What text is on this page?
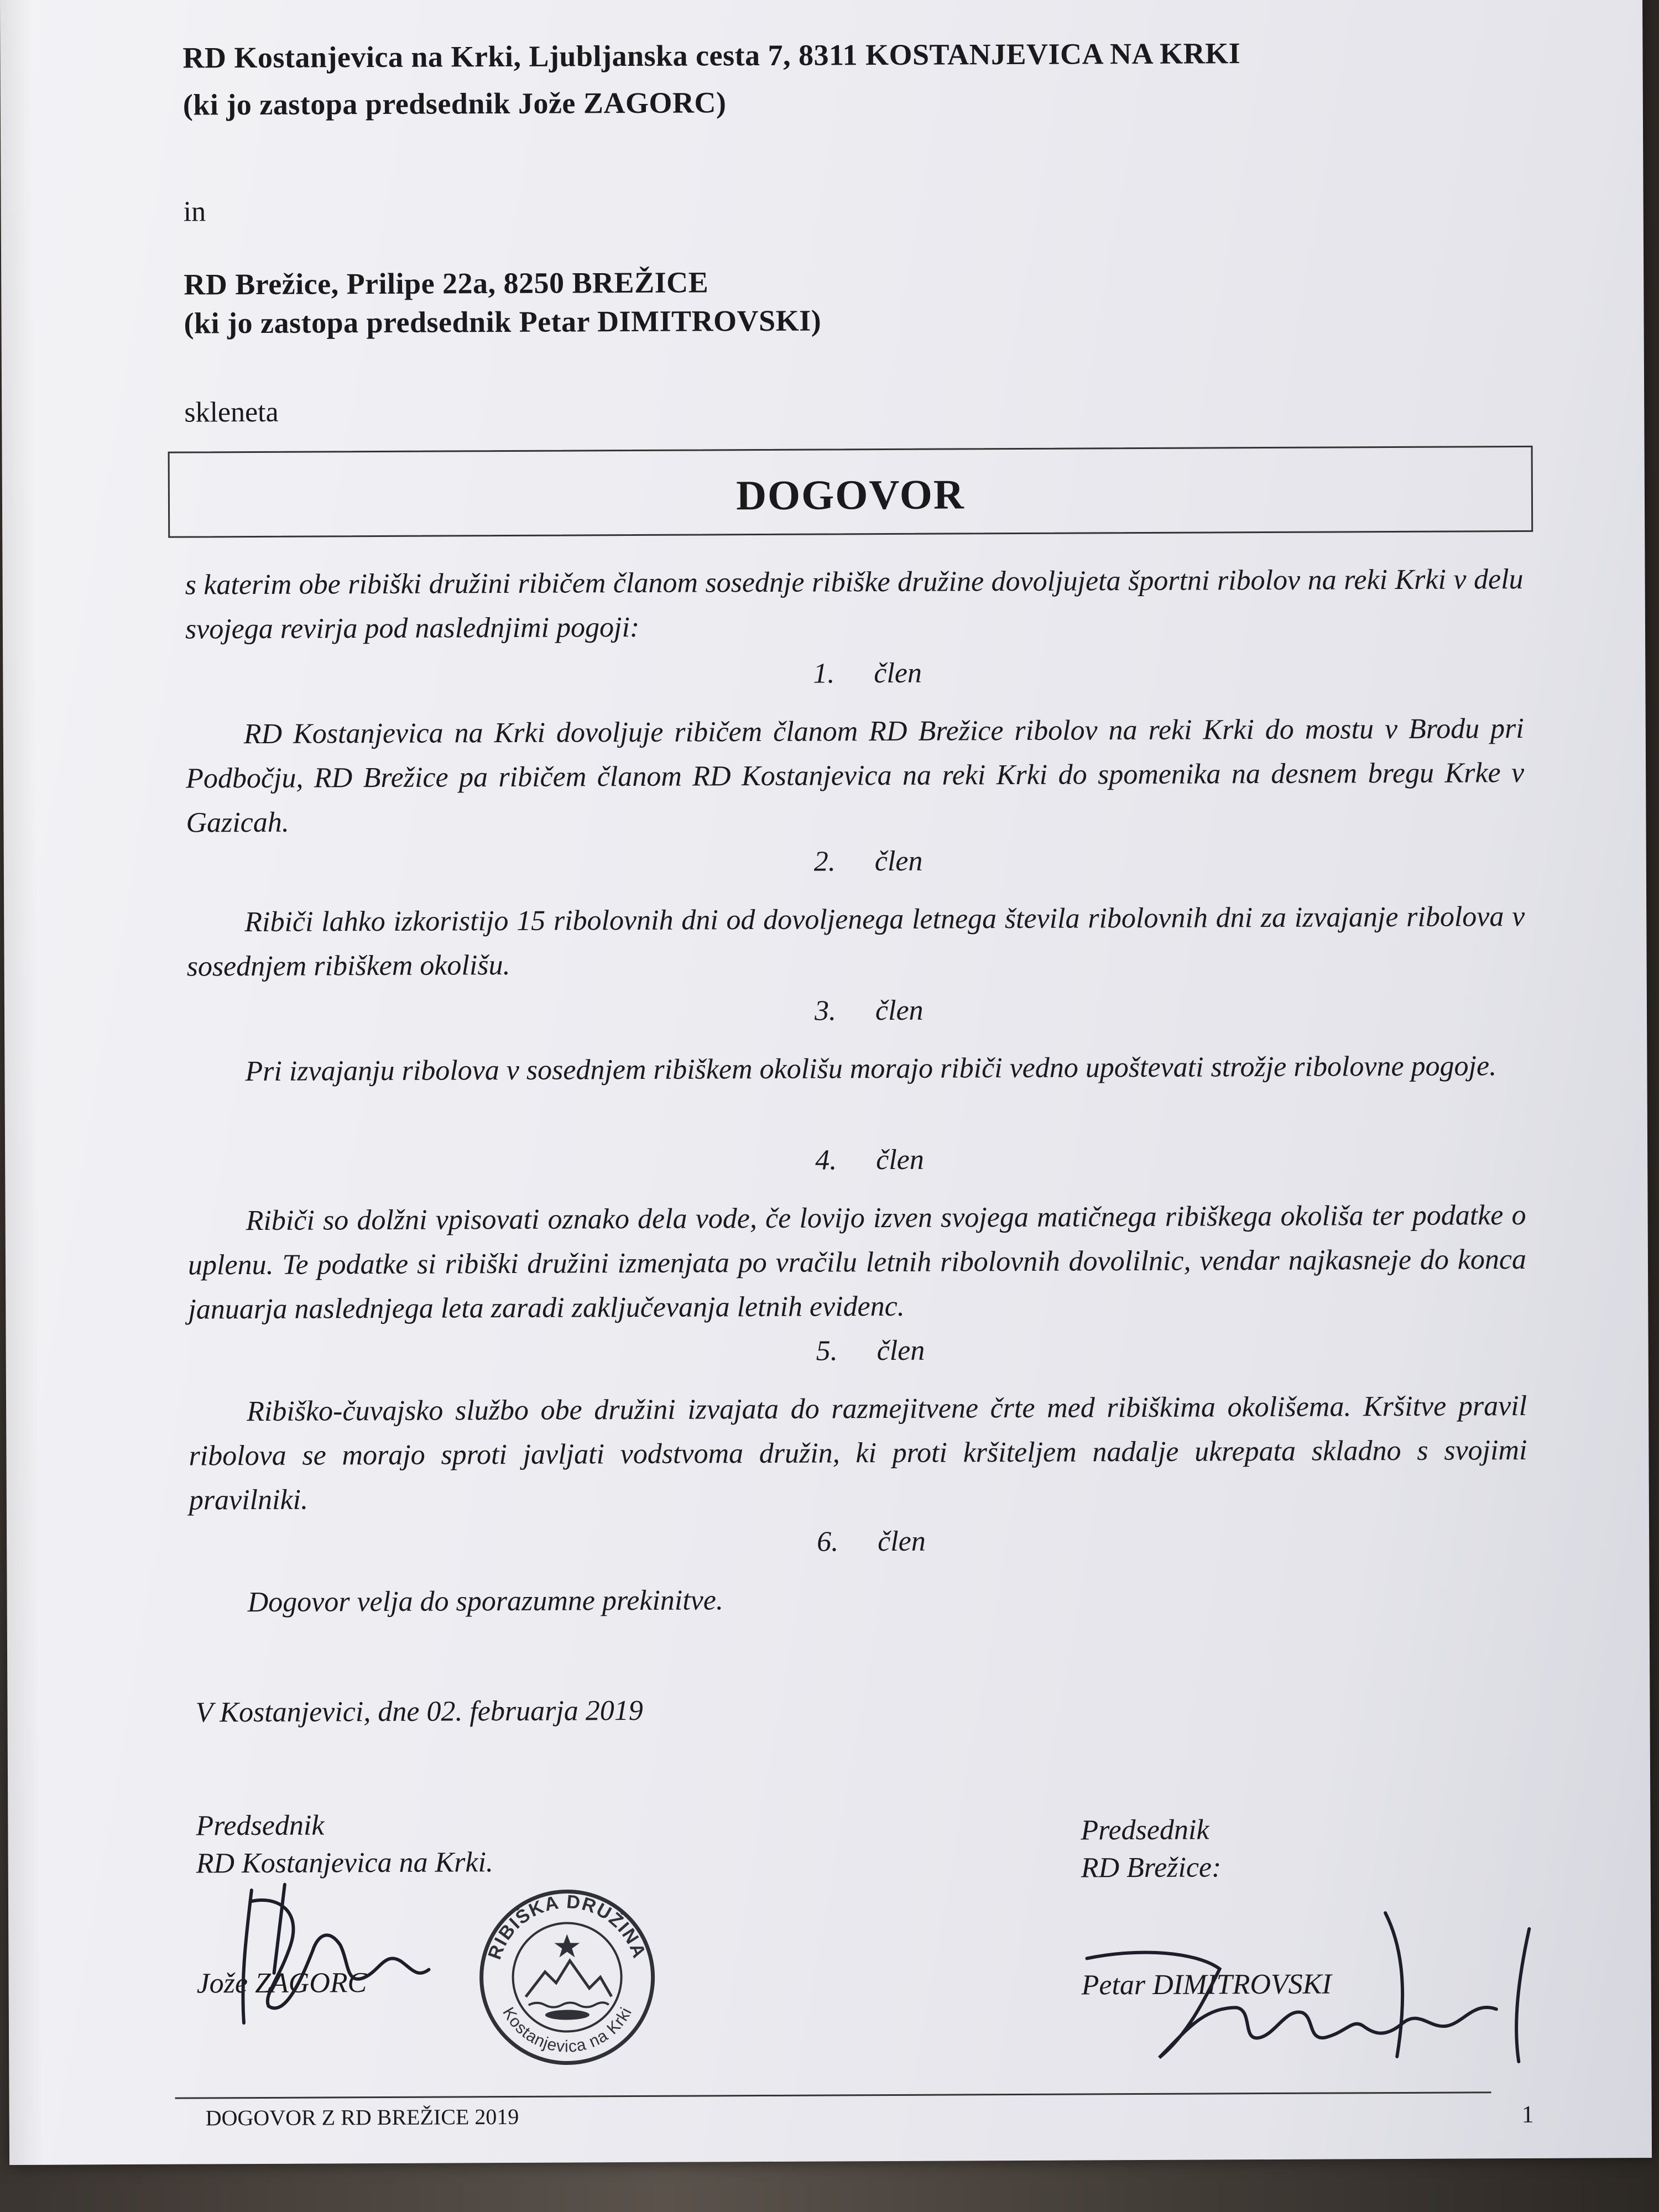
RD Kostanjevica na Krki, Ljubljanska cesta 7, 8311 KOSTANJEVICA NA KRKI
(ki jo zastopa predsednik Jože ZAGORC)
in
RD Brežice, Prilipe 22a, 8250 BREŽICE
(ki jo zastopa predsednik Petar DIMITROVSKI)
skleneta
DOGOVOR
s katerim obe ribiški družini ribičem članom sosednje ribiške družine dovoljujeta športni ribolov na reki Krki v delu svojega revirja pod naslednjimi pogoji:
1. člen
RD Kostanjevica na Krki dovoljuje ribičem članom RD Brežice ribolov na reki Krki do mostu v Brodu pri Podbočju, RD Brežice pa ribičem članom RD Kostanjevica na reki Krki do spomenika na desnem bregu Krke v Gazicah.
2. člen
Ribiči lahko izkoristijo 15 ribolovnih dni od dovoljenega letnega števila ribolovnih dni za izvajanje ribolova v sosednjem ribiškem okolišu.
3. člen
Pri izvajanju ribolova v sosednjem ribiškem okolišu morajo ribiči vedno upoštevati strožje ribolovne pogoje.
4. člen
Ribiči so dolžni vpisovati oznako dela vode, če lovijo izven svojega matičnega ribiškega okoliša ter podatke o uplenu. Te podatke si ribiški družini izmenjata po vračilu letnih ribolovnih dovolilnic, vendar najkasneje do konca januarja naslednjega leta zaradi zaključevanja letnih evidenc.
5. člen
Ribiško-čuvajsko službo obe družini izvajata do razmejitvene črte med ribiškima okolišema. Kršitve pravil ribolova se morajo sproti javljati vodstvoma družin, ki proti kršiteljem nadalje ukrepata skladno s svojimi pravilniki.
6. člen
Dogovor velja do sporazumne prekinitve.
V Kostanjevici, dne 02. februarja 2019
Predsednik
RD Kostanjevica na Krki.
Jože ZAGORC
Predsednik
RD Brežice:
Petar DIMITROVSKI
RIBIŠKA DRUŽINA
Kostanjevica na Krki
DOGOVOR Z RD BREŽICE 2019	1
